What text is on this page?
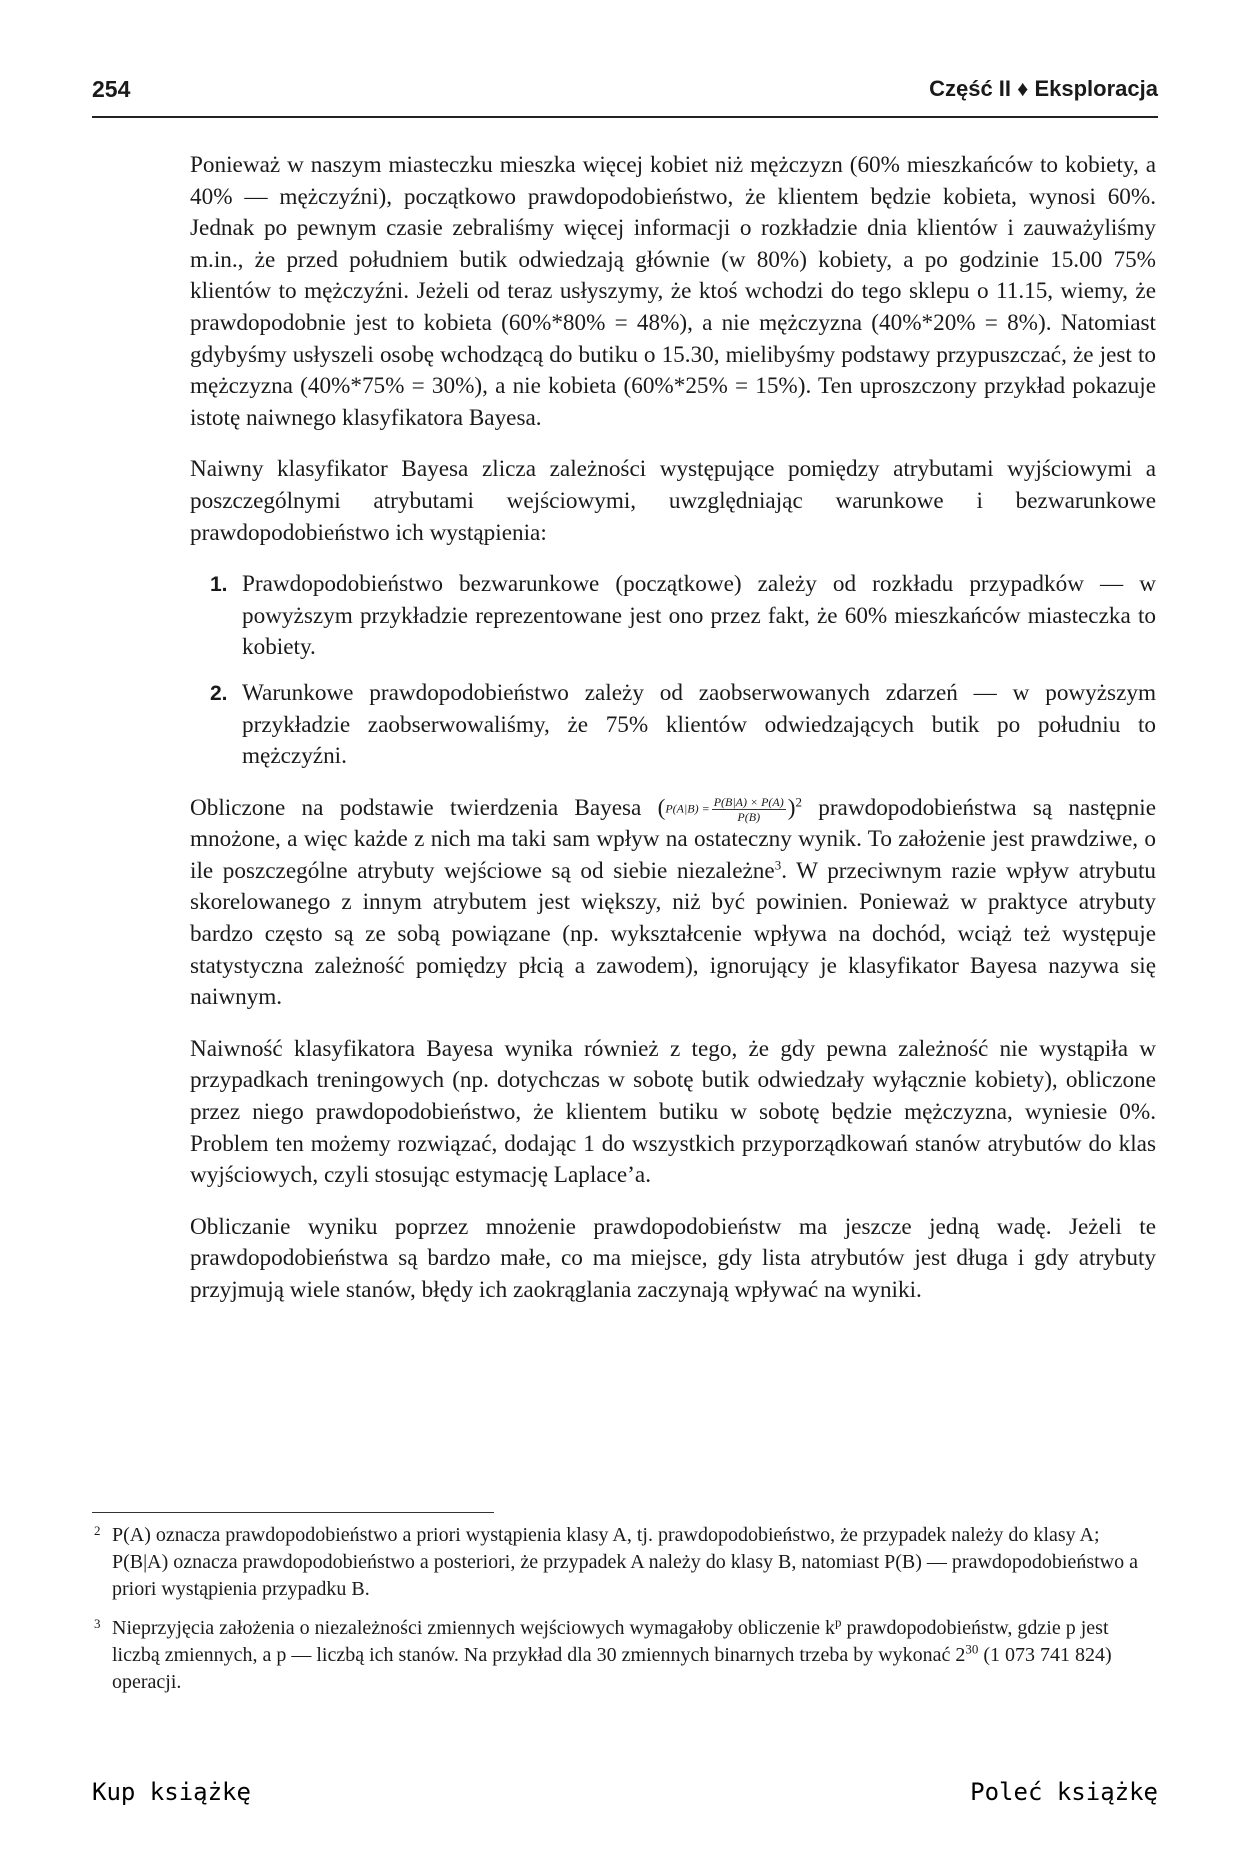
254	Część II ♦ Eksploracja

Ponieważ w naszym miasteczku mieszka więcej kobiet niż mężczyzn (60% mieszkańców to kobiety, a 40% — mężczyźni), początkowo prawdopodobieństwo, że klientem będzie kobieta, wynosi 60%. Jednak po pewnym czasie zebraliśmy więcej informacji o rozkładzie dnia klientów i zauważyliśmy m.in., że przed południem butik odwiedzają głównie (w 80%) kobiety, a po godzinie 15.00 75% klientów to mężczyźni. Jeżeli od teraz usłyszymy, że ktoś wchodzi do tego sklepu o 11.15, wiemy, że prawdopodobnie jest to kobieta (60%*80% = 48%), a nie mężczyzna (40%*20% = 8%). Natomiast gdybyśmy usłyszeli osobę wchodzącą do butiku o 15.30, mielibyśmy podstawy przypuszczać, że jest to mężczyzna (40%*75% = 30%), a nie kobieta (60%*25% = 15%). Ten uproszczony przykład pokazuje istotę naiwnego klasyfikatora Bayesa.

Naiwny klasyfikator Bayesa zlicza zależności występujące pomiędzy atrybutami wyjściowymi a poszczególnymi atrybutami wejściowymi, uwzględniając warunkowe i bezwarunkowe prawdopodobieństwo ich wystąpienia:

1. Prawdopodobieństwo bezwarunkowe (początkowe) zależy od rozkładu przypadków — w powyższym przykładzie reprezentowane jest ono przez fakt, że 60% mieszkańców miasteczka to kobiety.
2. Warunkowe prawdopodobieństwo zależy od zaobserwowanych zdarzeń — w powyższym przykładzie zaobserwowaliśmy, że 75% klientów odwiedzających butik po południu to mężczyźni.

Obliczone na podstawie twierdzenia Bayesa $(P(A|B) = \frac{P(B|A) \times P(A)}{P(B)} )^2$ prawdopodobieństwa są następnie mnożone, a więc każde z nich ma taki sam wpływ na ostateczny wynik. To założenie jest prawdziwe, o ile poszczególne atrybuty wejściowe są od siebie niezależne$^3$. W przeciwnym razie wpływ atrybutu skorelowanego z innym atrybutem jest większy, niż być powinien. Ponieważ w praktyce atrybuty bardzo często są ze sobą powiązane (np. wykształcenie wpływa na dochód, wciąż też występuje statystyczna zależność pomiędzy płcią a zawodem), ignorujący je klasyfikator Bayesa nazywa się naiwnym.

Naiwność klasyfikatora Bayesa wynika również z tego, że gdy pewna zależność nie wystąpiła w przypadkach treningowych (np. dotychczas w sobotę butik odwiedzały wyłącznie kobiety), obliczone przez niego prawdopodobieństwo, że klientem butiku w sobotę będzie mężczyzna, wyniesie 0%. Problem ten możemy rozwiązać, dodając 1 do wszystkich przyporządkowań stanów atrybutów do klas wyjściowych, czyli stosując estymację Laplace’a.

Obliczanie wyniku poprzez mnożenie prawdopodobieństw ma jeszcze jedną wadę. Jeżeli te prawdopodobieństwa są bardzo małe, co ma miejsce, gdy lista atrybutów jest długa i gdy atrybuty przyjmują wiele stanów, błędy ich zaokrąglania zaczynają wpływać na wyniki.

2 P(A) oznacza prawdopodobieństwo a priori wystąpienia klasy A, tj. prawdopodobieństwo, że przypadek należy do klasy A; P(B|A) oznacza prawdopodobieństwo a posteriori, że przypadek A należy do klasy B, natomiast P(B) — prawdopodobieństwo a priori wystąpienia przypadku B.
3 Nieprzyjęcia założenia o niezależności zmiennych wejściowych wymagałoby obliczenie $k^p$ prawdopodobieństw, gdzie p jest liczbą zmiennych, a p — liczbą ich stanów. Na przykład dla 30 zmiennych binarnych trzeba by wykonać $2^{30}$ (1 073 741 824) operacji.
Kup książkę	Poleć książkę
